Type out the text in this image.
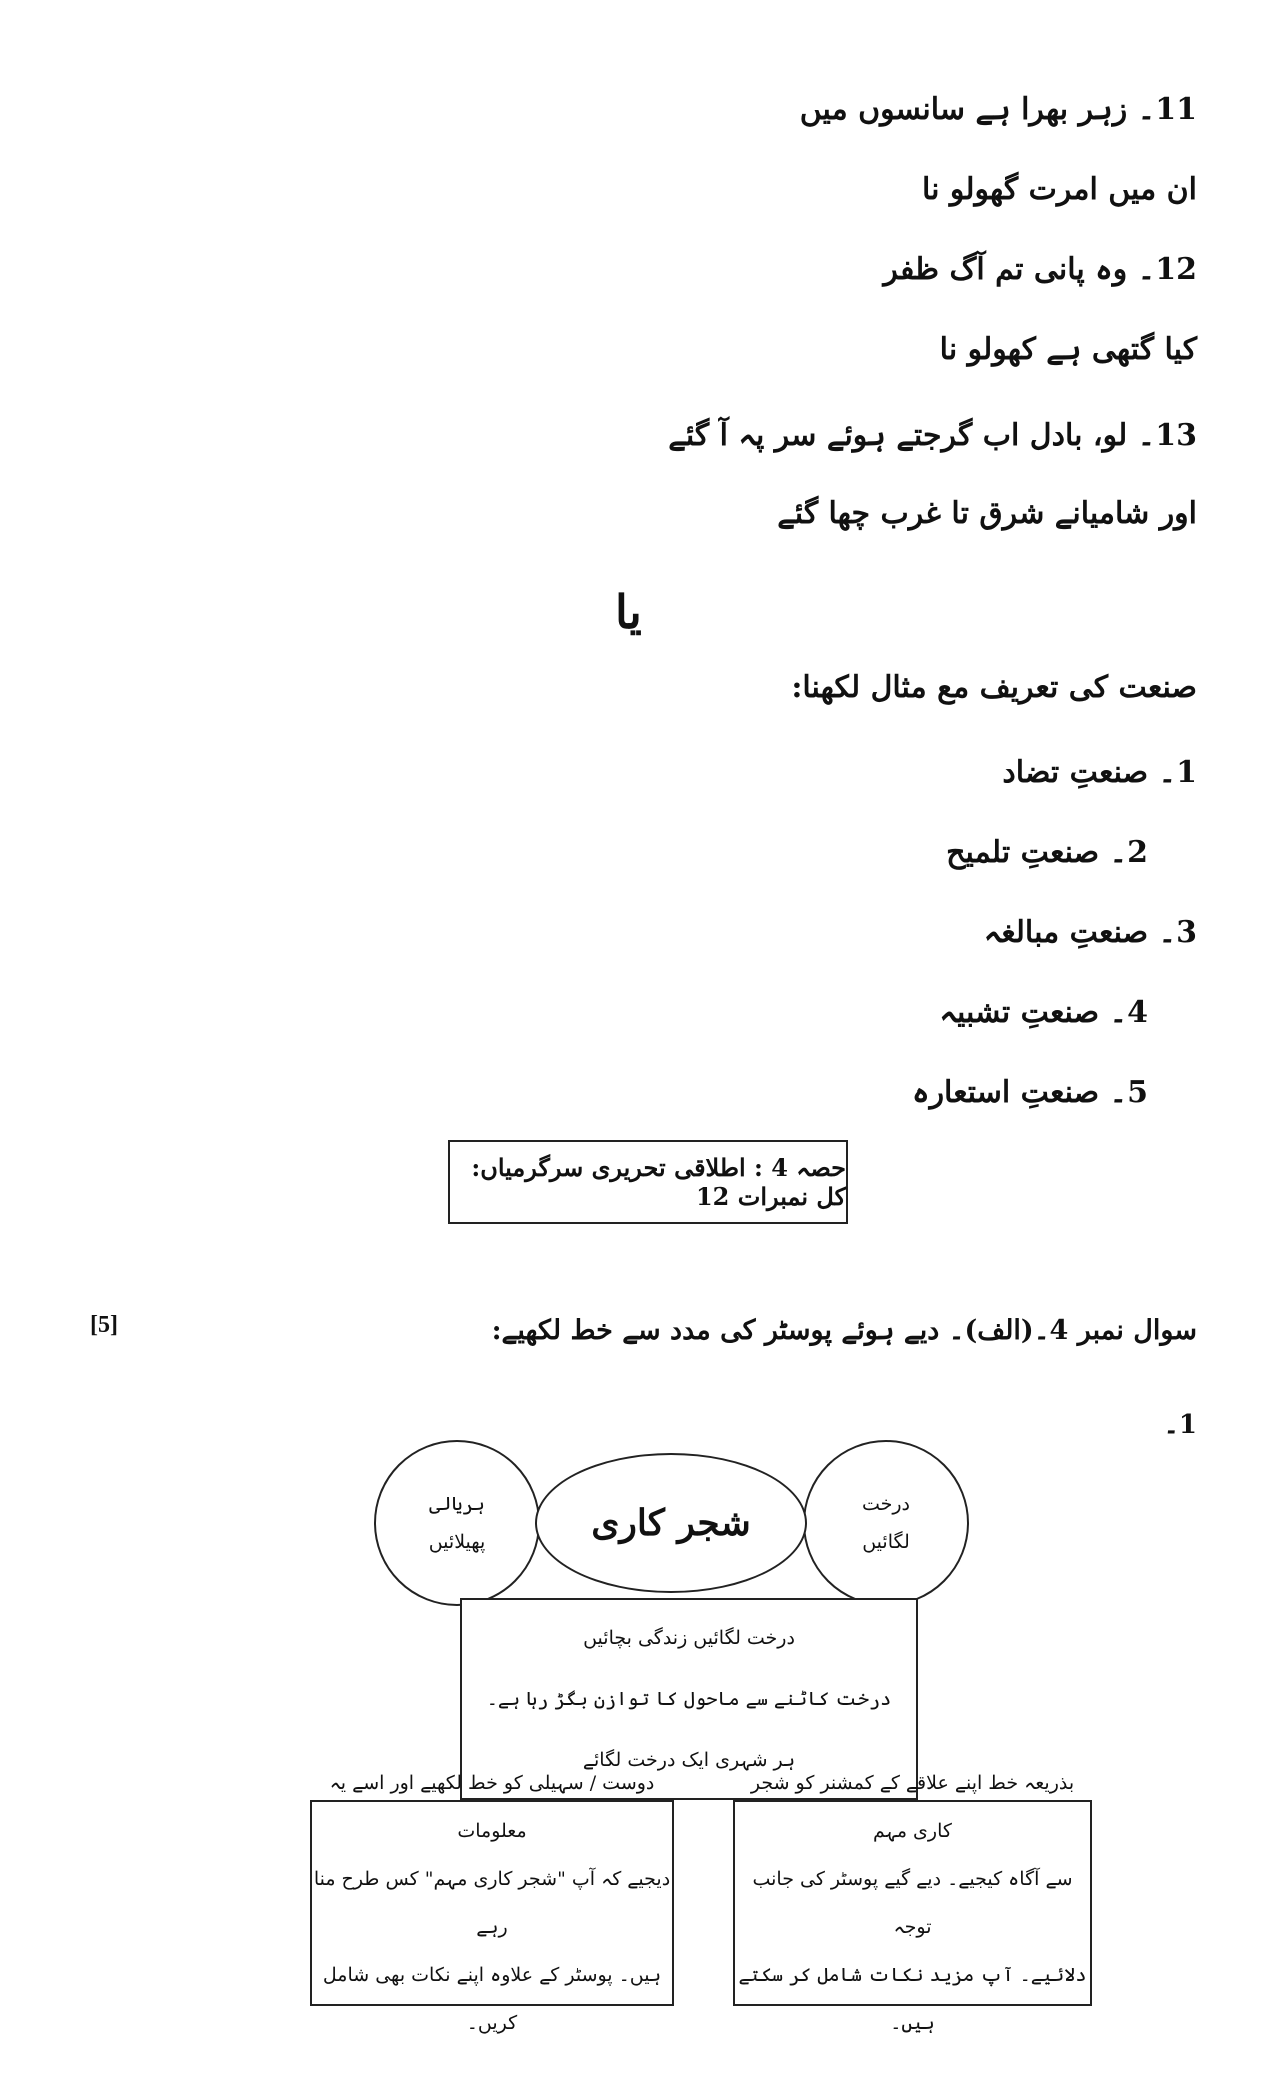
11۔ زہر بھرا ہے سانسوں میں
ان میں امرت گھولو نا
12۔ وہ پانی تم آگ ظفر
کیا گتھی ہے کھولو نا
13۔ لو، بادل اب گرجتے ہوئے سر پہ آ گئے
اور شامیانے شرق تا غرب چھا گئے
یا
صنعت کی تعریف مع مثال لکھنا:
1۔ صنعتِ تضاد
2۔ صنعتِ تلمیح
3۔ صنعتِ مبالغہ
4۔ صنعتِ تشبیہ
5۔ صنعتِ استعارہ
حصہ 4 : اطلاقی تحریری سرگرمیاں: کل نمبرات 12
سوال نمبر 4۔(الف)۔ دیے ہوئے پوسٹر کی مدد سے خط لکھیے:
[5]
1۔
ہریالی
پھیلائیں
درخت
لگائیں
شجر کاری
درخت لگائیں زندگی بچائیں
درخت کاٹنے سے ماحول کا توازن بگڑ رہا ہے۔
ہر شہری ایک درخت لگائے
دوست / سہیلی کو خط لکھیے اور اسے یہ معلومات
دیجیے کہ آپ "شجر کاری مہم" کس طرح منا رہے
ہیں۔ پوسٹر کے علاوہ اپنے نکات بھی شامل کریں۔
بذریعہ خط اپنے علاقے کے کمشنر کو شجر کاری مہم
سے آگاہ کیجیے۔ دیے گیے پوسٹر کی جانب توجہ
دلائیے۔ آپ مزید نکات شامل کر سکتے ہیں۔
